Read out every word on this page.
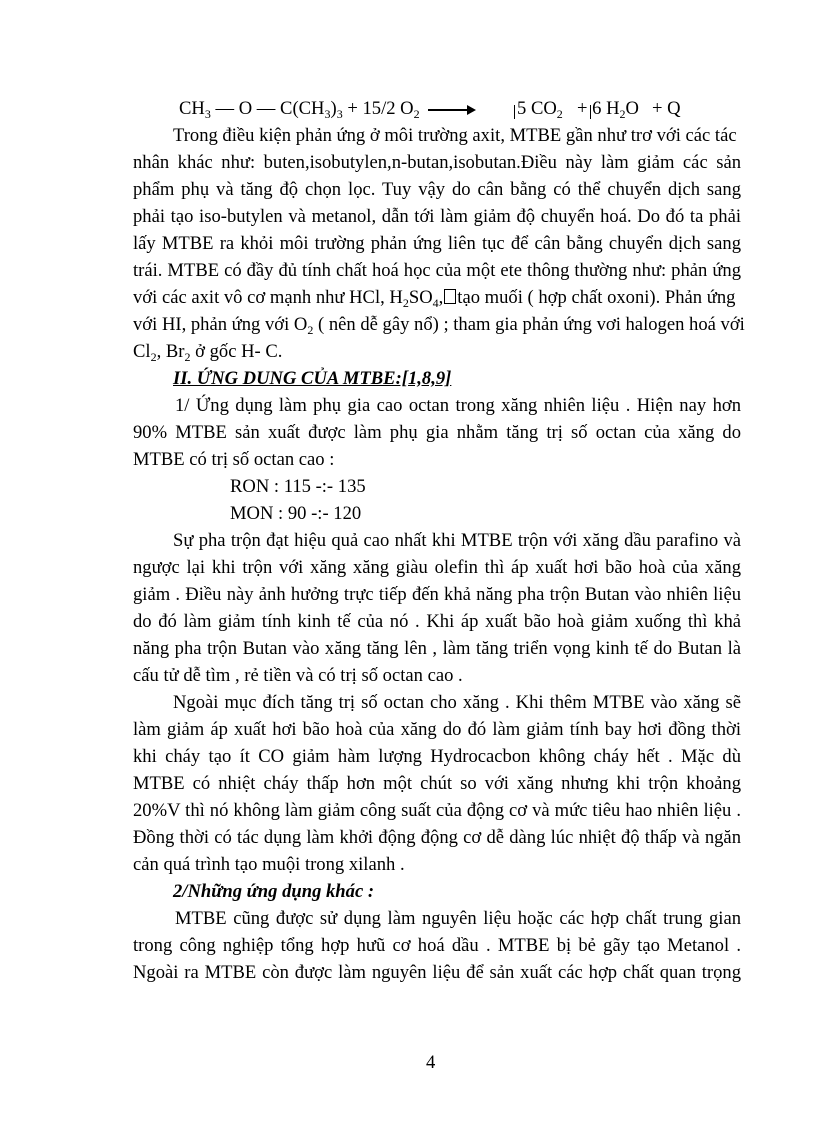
$CH_3$ — O — $C(CH_3)_3 + 15/2$ $O_2$	5 $CO_2 + 6$ $H_2O + Q$
Trong điều kiện phản ứng ở môi trường axit, MTBE gần như trơ với các tác
nhân khác như: buten,isobutylen,n-butan,isobutan.Điều này làm giảm các sản
phẩm phụ và tăng độ chọn lọc. Tuy vậy do cân bằng có thể chuyển dịch sang
phải tạo iso-butylen và metanol, dẫn tới làm giảm độ chuyển hoá. Do đó ta phải
lấy MTBE ra khỏi môi trường phản ứng liên tục để cân bằng chuyển dịch sang
trái. MTBE có đầy đủ tính chất hoá học của một ete thông thường như: phản ứng
với các axit vô cơ mạnh như HCl, $H_2SO_4$, tạo muối ( hợp chất oxoni). Phản ứng
với HI, phản ứng với $O_2$ ( nên dễ gây nổ) ; tham gia phản ứng vơi halogen hoá với
$Cl_2$, $Br_2$ ở gốc H- C.
II. ỨNG DUNG CỦA MTBE:[1,8,9]
1/ Ứng dụng làm phụ gia cao octan trong xăng nhiên liệu . Hiện nay hơn
90% MTBE sản xuất được làm phụ gia nhằm tăng trị số octan của xăng do
MTBE có trị số octan cao :
RON : 115 -:- 135
MON : 90 -:- 120
Sự pha trộn đạt hiệu quả cao nhất khi MTBE trộn với xăng dầu parafino và
ngược lại khi trộn với xăng xăng giàu olefin thì áp xuất hơi bão hoà của xăng
giảm . Điều này ảnh hưởng trực tiếp đến khả năng pha trộn Butan vào nhiên liệu
do đó làm giảm tính kinh tế của nó . Khi áp xuất bão hoà giảm xuống thì khả
năng pha trộn Butan vào xăng tăng lên , làm tăng triển vọng kinh tế do Butan là
cấu tử dễ tìm , rẻ tiền và có trị số octan cao .
Ngoài mục đích tăng trị số octan cho xăng . Khi thêm MTBE vào xăng sẽ
làm giảm áp xuất hơi bão hoà của xăng do đó làm giảm tính bay hơi đồng thời
khi cháy tạo ít CO giảm hàm lượng Hydrocacbon không cháy hết . Mặc dù
MTBE có nhiệt cháy thấp hơn một chút so với xăng nhưng khi trộn khoảng
20%V thì nó không làm giảm công suất của động cơ và mức tiêu hao nhiên liệu .
Đồng thời có tác dụng làm khởi động động cơ dễ dàng lúc nhiệt độ thấp và ngăn
cản quá trình tạo muội trong xilanh .
2/Những ứng dụng khác :
MTBE cũng được sử dụng làm nguyên liệu hoặc các hợp chất trung gian
trong công nghiệp tổng hợp hưũ cơ hoá dầu . MTBE bị bẻ gãy tạo Metanol .
Ngoài ra MTBE còn được làm nguyên liệu để sản xuất các hợp chất quan trọng
4
